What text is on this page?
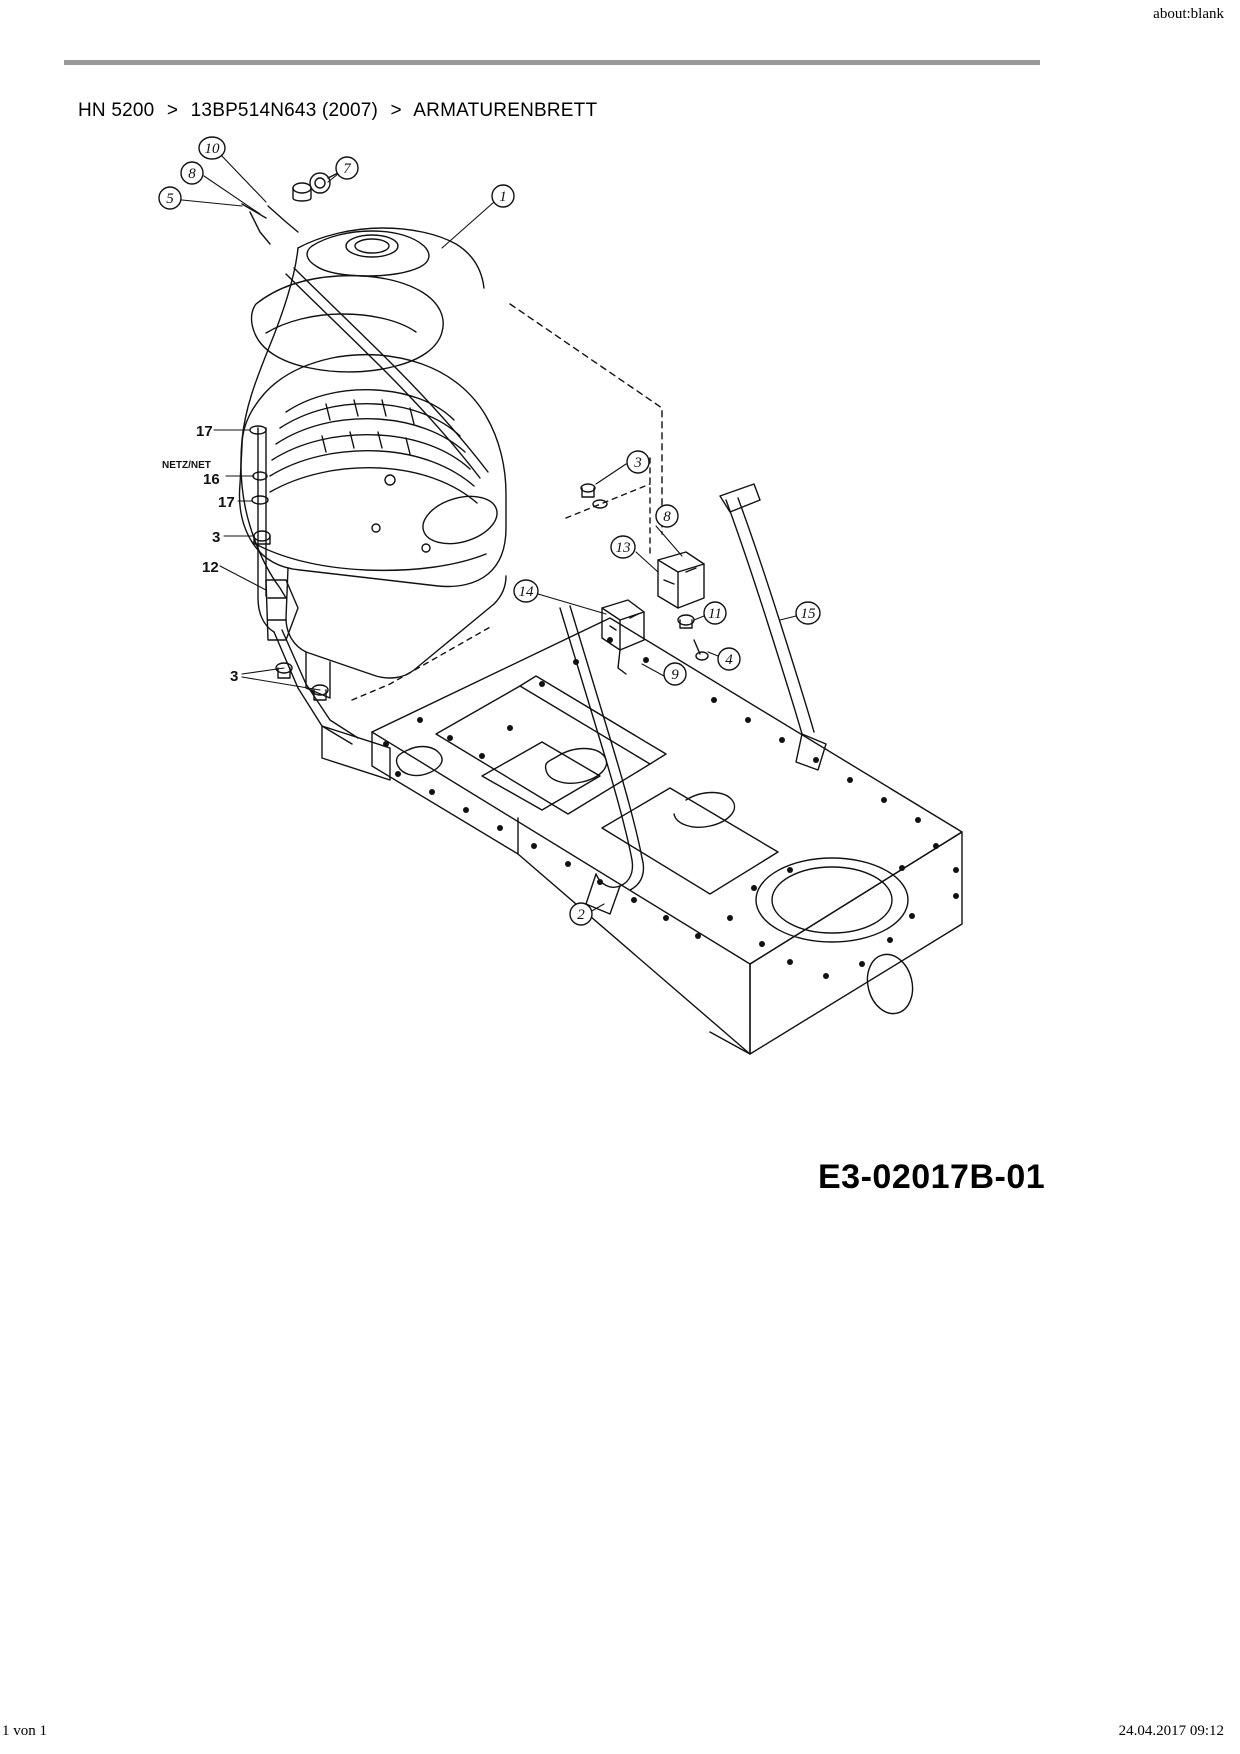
about:blank
HN 5200 > 13BP514N643 (2007) > ARMATURENBRETT
10
8	7
5	1
3
8
13
14
11	15
4
9
2
17
NETZ/NET
16
17
3
12
3
E3-02017B-01
1 von 1	24.04.2017 09:12
